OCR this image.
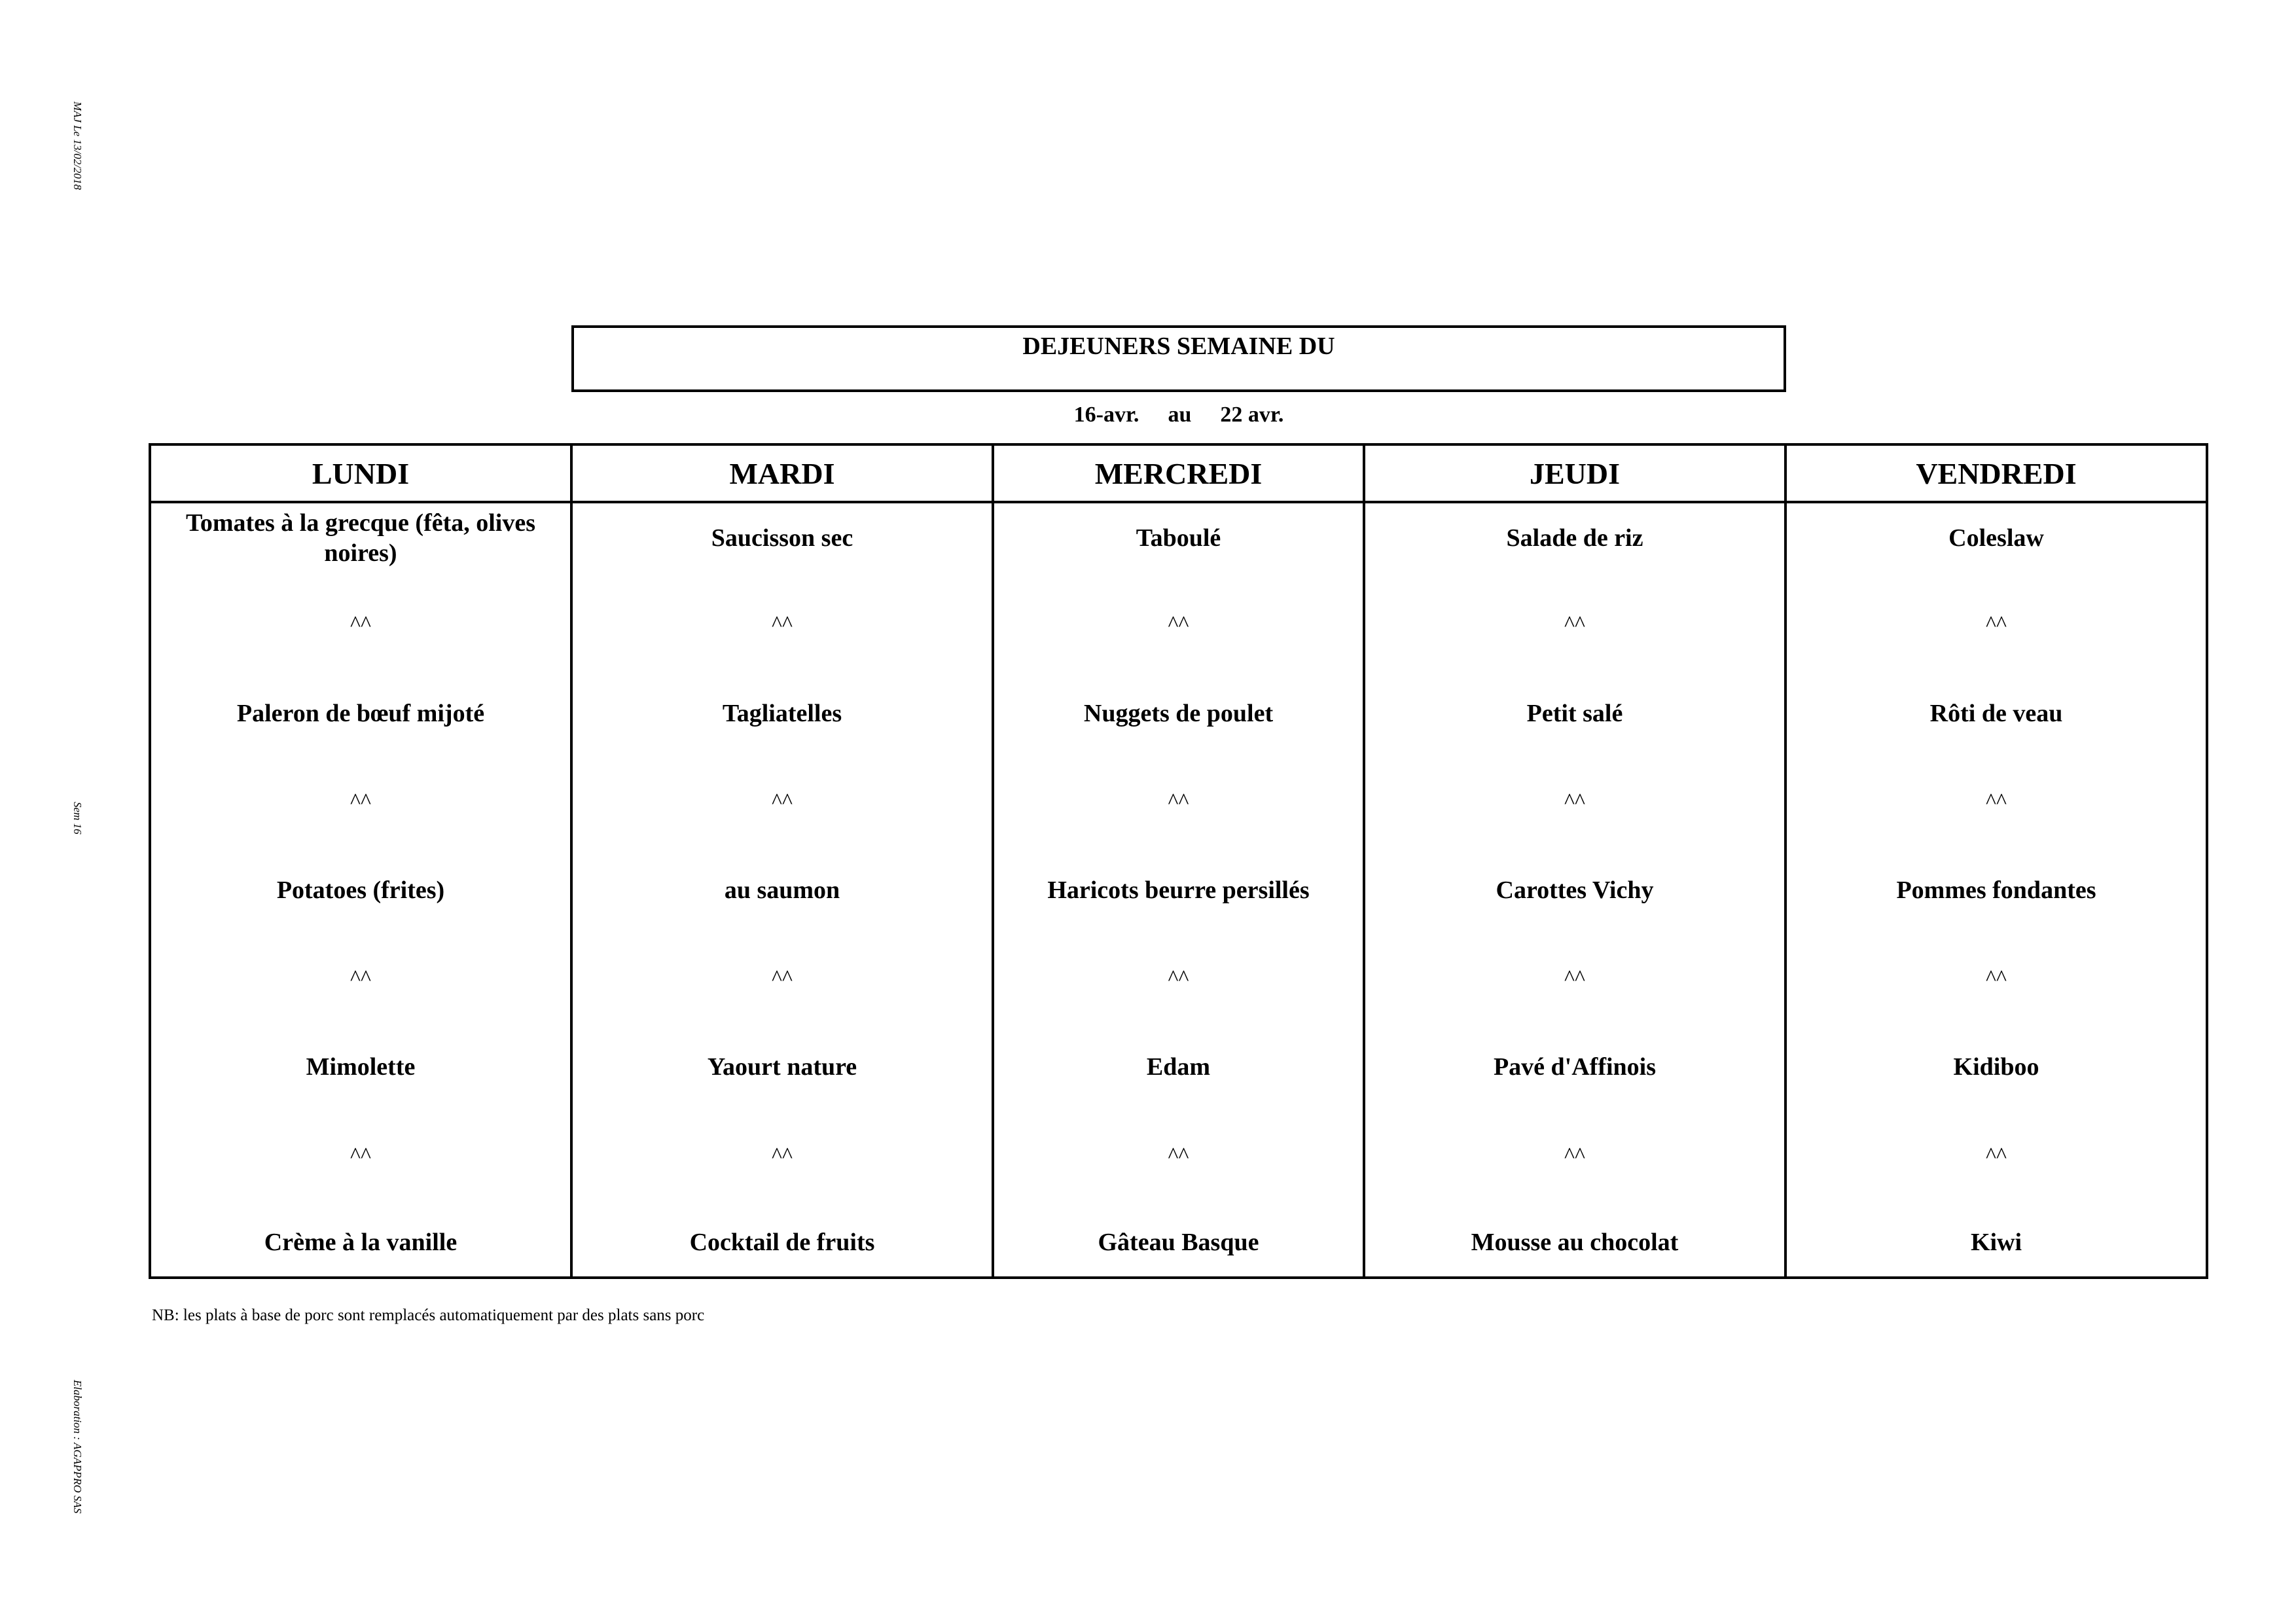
MAJ Le 13/02/2018
Sem 16
Elaboration : AGAPPRO SAS
DEJEUNERS SEMAINE DU
16-avr. au 22 avr.
LUNDI	MARDI	MERCREDI	JEUDI	VENDREDI
Tomates à la grecque (fêta, olives noires)	Saucisson sec	Taboulé	Salade de riz	Coleslaw
^^	^^	^^	^^	^^
Paleron de bœuf mijoté	Tagliatelles	Nuggets de poulet	Petit salé	Rôti de veau
^^	^^	^^	^^	^^
Potatoes (frites)	au saumon	Haricots beurre persillés	Carottes Vichy	Pommes fondantes
^^	^^	^^	^^	^^
Mimolette	Yaourt nature	Edam	Pavé d'Affinois	Kidiboo
^^	^^	^^	^^	^^
Crème à la vanille	Cocktail de fruits	Gâteau Basque	Mousse au chocolat	Kiwi
NB: les plats à base de porc sont remplacés automatiquement par des plats sans porc
